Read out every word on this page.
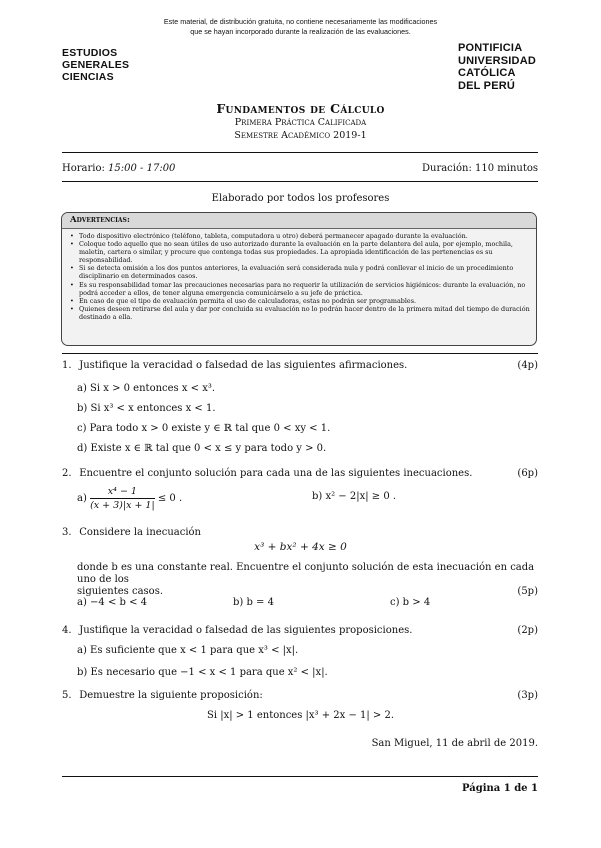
Este material, de distribución gratuita, no contiene necesariamente las modificaciones
que se hayan incorporado durante la realización de las evaluaciones.
ESTUDIOS
GENERALES
CIENCIAS
PONTIFICIA
UNIVERSIDAD
CATÓLICA
DEL PERÚ
Fundamentos de Cálculo
Primera Práctica Calificada
Semestre Académico 2019-1
Horario: 15:00 - 17:00	Duración: 110 minutos
Elaborado por todos los profesores
Advertencias:
• Todo dispositivo electrónico (teléfono, tableta, computadora u otro) deberá permanecer apagado durante la evaluación.
• Coloque todo aquello que no sean útiles de uso autorizado durante la evaluación en la parte delantera del aula, por ejemplo, mochila, maletín, cartera o similar, y procure que contenga todas sus propiedades. La apropiada identificación de las pertenencias es su responsabilidad.
• Si se detecta omisión a los dos puntos anteriores, la evaluación será considerada nula y podrá conllevar el inicio de un procedimiento disciplinario en determinados casos.
• Es su responsabilidad tomar las precauciones necesarias para no requerir la utilización de servicios higiénicos: durante la evaluación, no podrá acceder a ellos, de tener alguna emergencia comunicárselo a su jefe de práctica.
• En caso de que el tipo de evaluación permita el uso de calculadoras, estas no podrán ser programables.
• Quienes deseen retirarse del aula y dar por concluida su evaluación no lo podrán hacer dentro de la primera mitad del tiempo de duración destinado a ella.
1. Justifique la veracidad o falsedad de las siguientes afirmaciones.	(4p)
a) Si x > 0 entonces x < x³.
b) Si x³ < x entonces x < 1.
c) Para todo x > 0 existe y ∈ ℝ tal que 0 < xy < 1.
d) Existe x ∈ ℝ tal que 0 < x ≤ y para todo y > 0.
2. Encuentre el conjunto solución para cada una de las siguientes inecuaciones.	(6p)
$a) \frac{\text{x⁴ − 1}}{(x + 3)|x + 1|} \le 0$ .	b) x² − 2|x| ≥ 0 .
3. Considere la inecuación
x³ + bx² + 4x ≥ 0
donde b es una constante real. Encuentre el conjunto solución de esta inecuación en cada uno de los
siguientes casos.	(5p)
a) −4 < b < 4	b) b = 4	c) b > 4
4. Justifique la veracidad o falsedad de las siguientes proposiciones.	(2p)
a) Es suficiente que x < 1 para que x³ < |x|.
b) Es necesario que −1 < x < 1 para que x² < |x|.
5. Demuestre la siguiente proposición:	(3p)
Si |x| > 1 entonces |x³ + 2x − 1| > 2.
San Miguel, 11 de abril de 2019.
Página 1 de 1
